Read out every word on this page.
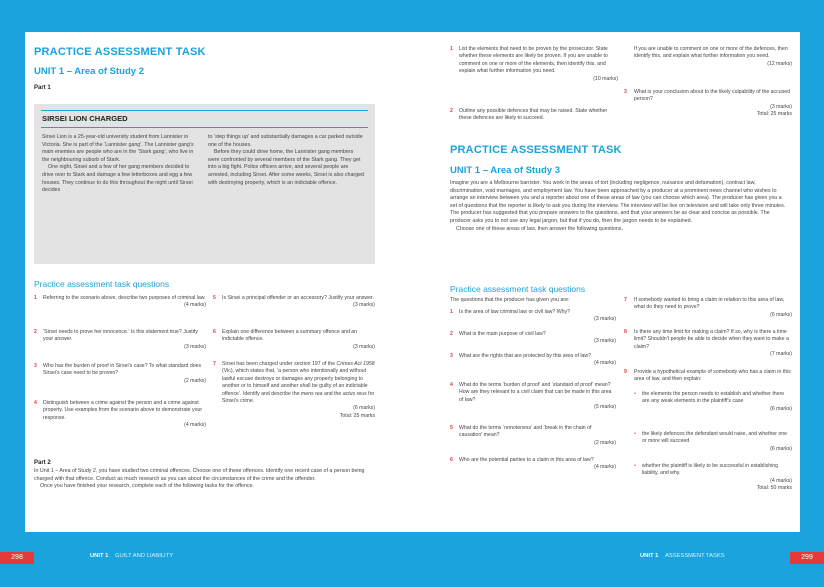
PRACTICE ASSESSMENT TASK
UNIT 1 – Area of Study 2
Part 1
SIRSEI LION CHARGED
Sirsei Lion is a 25-year-old university student from Lannister in Victoria. She is part of the ‘Lannister gang’. The Lannister gang’s main enemies are people who are in the ‘Stark gang’, who live in the neighbouring suburb of Stark.
One night, Sirsei and a few of her gang members decided to drive over to Stark and damage a few letterboxes and egg a few houses. They continue to do this throughout the night until Sirsei decides
to ‘step things up’ and substantially damages a car parked outside one of the houses.
Before they could drive home, the Lannister gang members were confronted by several members of the Stark gang. They get into a big fight. Police officers arrive, and several people are arrested, including Sirsei. After some weeks, Sirsei is also charged with destroying property, which is an indictable offence.
Practice assessment task questions
1 Referring to the scenario above, describe two purposes of criminal law.
(4 marks)
2 ‘Sirsei needs to prove her innocence.’ Is this statement true? Justify your answer.
(3 marks)
3 Who has the burden of proof in Sirsei’s case? To what standard does Sirsei’s case need to be proven?
(2 marks)
4 Distinguish between a crime against the person and a crime against property. Use examples from the scenario above to demonstrate your response.
(4 marks)
5 Is Sirsei a principal offender or an accessory? Justify your answer.
(3 marks)
6 Explain one difference between a summary offence and an indictable offence.
(3 marks)
7 Sirsei has been charged under section 197 of the Crimes Act 1958 (Vic), which states that, ‘a person who intentionally and without lawful excuse destroys or damages any property belonging to another or to himself and another shall be guilty of an indictable offence’. Identify and describe the mens rea and the actus reus for Sirsei’s crime.
(6 marks)
Total: 25 marks
Part 2
In Unit 1 – Area of Study 2, you have studied two criminal offences. Choose one of these offences. Identify one recent case of a person being charged with that offence. Conduct as much research as you can about the circumstances of the crime and the offender.
Once you have finished your research, complete each of the following tasks for the offence.
1 List the elements that need to be proven by the prosecutor. State whether these elements are likely be proven. If you are unable to comment on one or more of the elements, then identify this, and explain what further information you need.
(10 marks)
2 Outline any possible defences that may be raised. State whether these defences are likely to succeed.
If you are unable to comment on one or more of the defences, then identify this, and explain what further information you need.
(12 marks)
3 What is your conclusion about to the likely culpability of the accused person?
(3 marks)
Total: 25 marks
PRACTICE ASSESSMENT TASK
UNIT 1 – Area of Study 3
Imagine you are a Melbourne barrister. You work in the areas of tort (including negligence, nuisance and defamation), contract law, discrimination, void marriages, and employment law. You have been approached by a producer at a prominent news channel who wishes to arrange an interview between you and a reporter about one of these areas of law (you can choose which area). The producer has given you a set of questions that the reporter is likely to ask you during the interview. The interview will be live on television and will take only three minutes. The producer has suggested that you prepare answers to the questions, and that your answers be as clear and concise as possible. The producer asks you to not use any legal jargon, but that if you do, then the jargon needs to be explained.
Choose one of these areas of law, then answer the following questions.
Practice assessment task questions
The questions that the producer has given you are:
1 Is the area of law criminal law or civil law? Why?
(3 marks)
2 What is the main purpose of civil law?
(3 marks)
3 What are the rights that are protected by this area of law?
(4 marks)
4 What do the terms ‘burden of proof’ and ‘standard of proof’ mean? How are they relevant to a civil claim that can be made in this area of law?
(5 marks)
5 What do the terms ‘remoteness’ and ‘break in the chain of causation’ mean?
(2 marks)
6 Who are the potential parties to a claim in this area of law?
(4 marks)
7 If somebody wanted to bring a claim in relation to this area of law, what do they need to prove?
(6 marks)
8 Is there any time limit for making a claim? If so, why is there a time limit? Shouldn’t people be able to decide when they want to make a claim?
(7 marks)
9 Provide a hypothetical example of somebody who has a claim in this area of law, and then explain:
• the elements the person needs to establish and whether there are any weak elements in the plaintiff’s case
(6 marks)
• the likely defences the defendant would raise, and whether one or more will succeed
(6 marks)
• whether the plaintiff is likely to be successful in establishing liability, and why.
(4 marks)
Total: 50 marks
298	UNIT 1 GUILT AND LIABILITY	UNIT 1 ASSESSMENT TASKS	299
